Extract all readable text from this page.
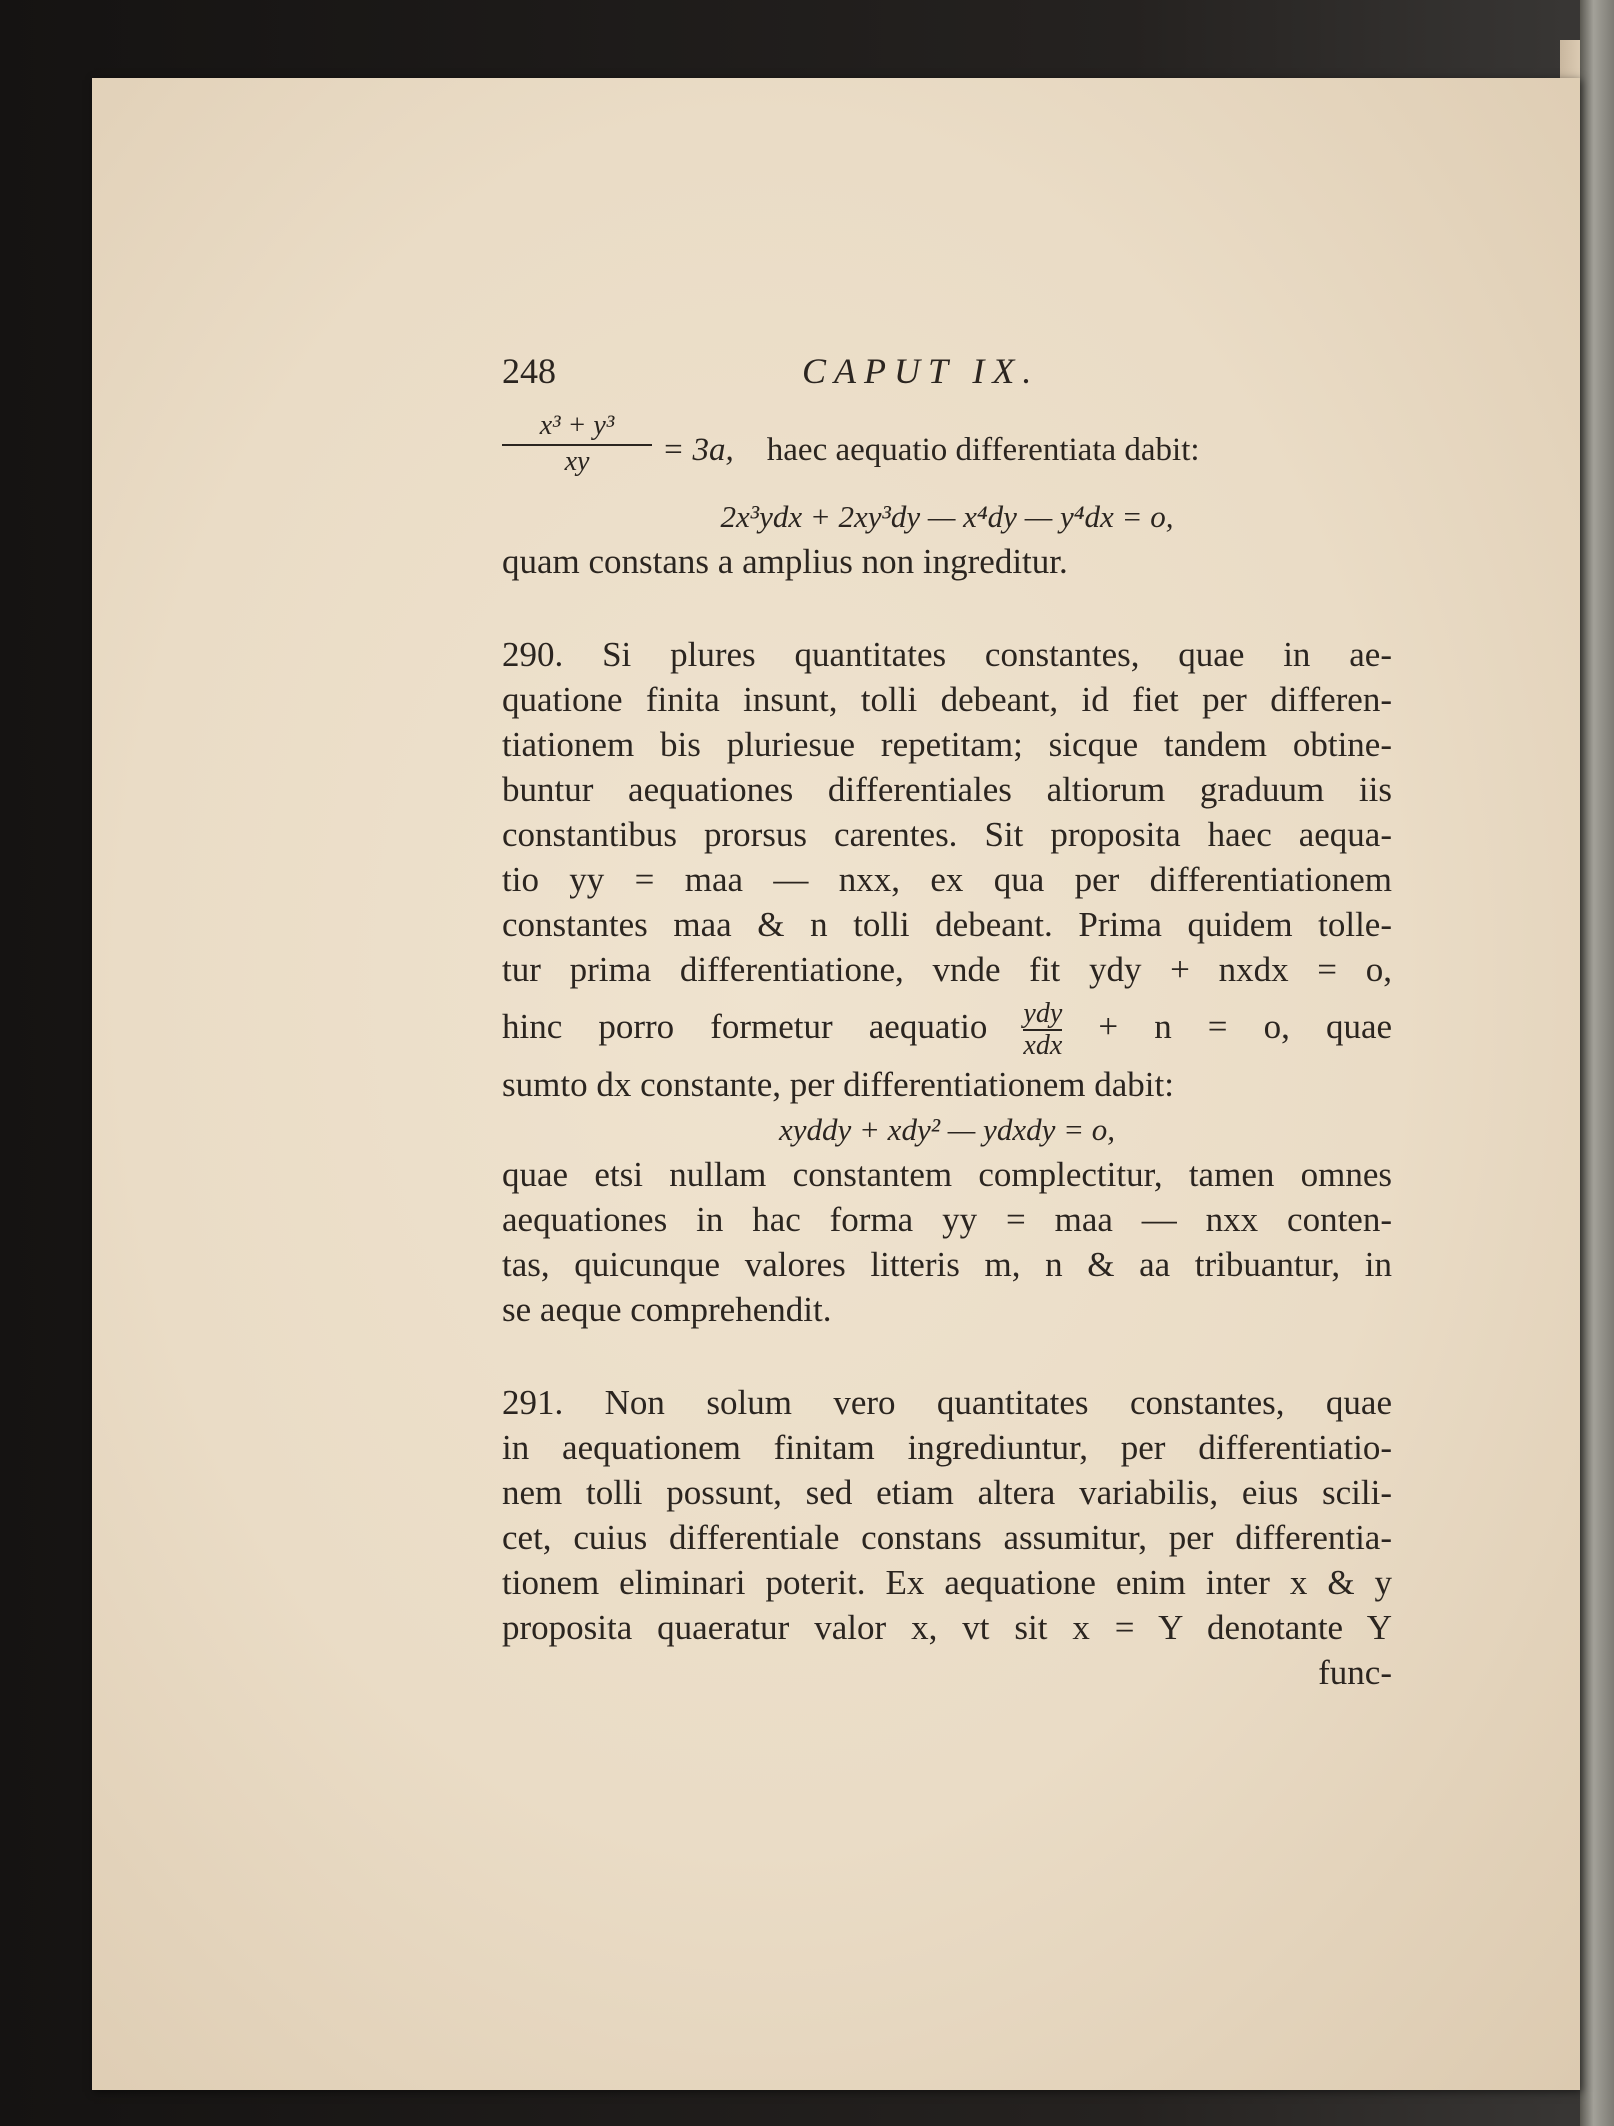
248	CAPUT IX.
$\frac{\text{x³ + y³}}{xy} = 3a$, haec aequatio differentiata dabit:
2x³ydx + 2xy³dy — x⁴dy — y⁴dx = o,
quam constans a amplius non ingreditur.
290. Si plures quantitates constantes, quae in ae-
quatione finita insunt, tolli debeant, id fiet per differen-
tiationem bis pluriesue repetitam; sicque tandem obtine-
buntur aequationes differentiales altiorum graduum iis
constantibus prorsus carentes. Sit proposita haec aequa-
tio yy = maa — nxx, ex qua per differentiationem
constantes maa & n tolli debeant. Prima quidem tolle-
tur prima differentiatione, vnde fit ydy + nxdx = o,
hinc porro formetur aequatio ydy
xdx + n = o, quae
sumto dx constante, per differentiationem dabit:
xyddy + xdy² — ydxdy = o,
quae etsi nullam constantem complectitur, tamen omnes
aequationes in hac forma yy = maa — nxx conten-
tas, quicunque valores litteris m, n & aa tribuantur, in
se aeque comprehendit.
291. Non solum vero quantitates constantes, quae
in aequationem finitam ingrediuntur, per differentiatio-
nem tolli possunt, sed etiam altera variabilis, eius scili-
cet, cuius differentiale constans assumitur, per differentia-
tionem eliminari poterit. Ex aequatione enim inter x & y
proposita quaeratur valor x, vt sit x = Y denotante Y
func-
